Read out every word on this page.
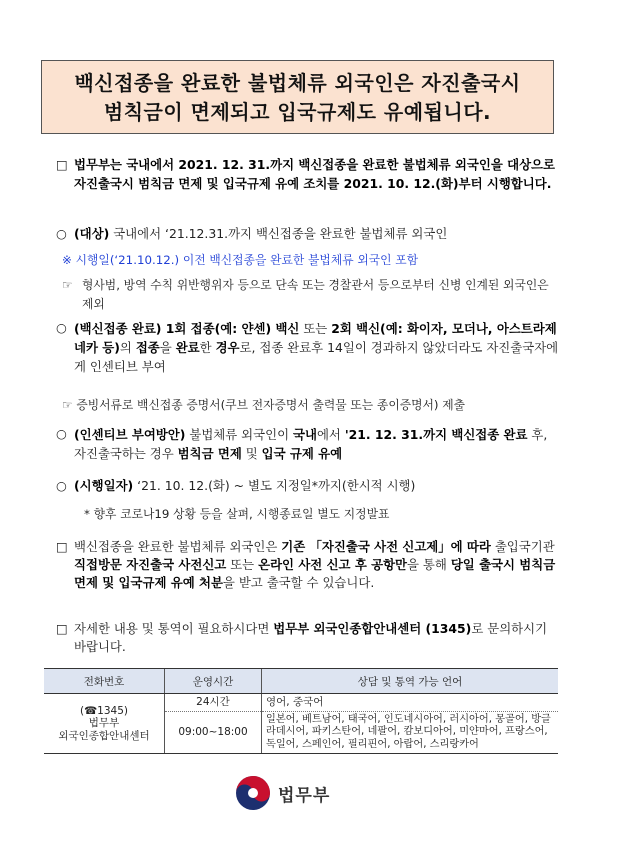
백신접종을 완료한 불법체류 외국인은 자진출국시
범칙금이 면제되고 입국규제도 유예됩니다.
□ 법무부는 국내에서 2021. 12. 31.까지 백신접종을 완료한 불법체류 외국인을 대상으로 자진출국시 범칙금 면제 및 입국규제 유예 조치를 2021. 10. 12.(화)부터 시행합니다.
○ (대상) 국내에서 ‘21.12.31.까지 백신접종을 완료한 불법체류 외국인
※ 시행일(‘21.10.12.) 이전 백신접종을 완료한 불법체류 외국인 포함
☞ 형사범, 방역 수칙 위반행위자 등으로 단속 또는 경찰관서 등으로부터 신병 인계된 외국인은 제외
○ (백신접종 완료) 1회 접종(예: 얀센) 백신 또는 2회 백신(예: 화이자, 모더나, 아스트라제네카 등)의 접종을 완료한 경우로, 접종 완료후 14일이 경과하지 않았더라도 자진출국자에게 인센티브 부여
☞ 증빙서류로 백신접종 증명서(쿠브 전자증명서 출력물 또는 종이증명서) 제출
○ (인센티브 부여방안) 불법체류 외국인이 국내에서 '21. 12. 31.까지 백신접종 완료 후, 자진출국하는 경우 범칙금 면제 및 입국 규제 유예
○ (시행일자) ‘21. 10. 12.(화) ~ 별도 지정일*까지(한시적 시행)
* 향후 코로나19 상황 등을 살펴, 시행종료일 별도 지정발표
□ 백신접종을 완료한 불법체류 외국인은 기존 「자진출국 사전 신고제」에 따라 출입국기관 직접방문 자진출국 사전신고 또는 온라인 사전 신고 후 공항만을 통해 당일 출국시 범칙금 면제 및 입국규제 유예 처분을 받고 출국할 수 있습니다.
□ 자세한 내용 및 통역이 필요하시다면 법무부 외국인종합안내센터 (1345)로 문의하시기 바랍니다.
전화번호	운영시간	상담 및 통역 가능 언어

(☎1345)
법무부
외국인종합안내센터	24시간	영어, 중국어
	09:00~18:00	일본어, 베트남어, 태국어, 인도네시아어, 러시아어, 몽골어, 방글라데시어, 파키스탄어, 네팔어, 캄보디아어, 미얀마어, 프랑스어, 독일어, 스페인어, 필리핀어, 아랍어, 스리랑카어
법무부
